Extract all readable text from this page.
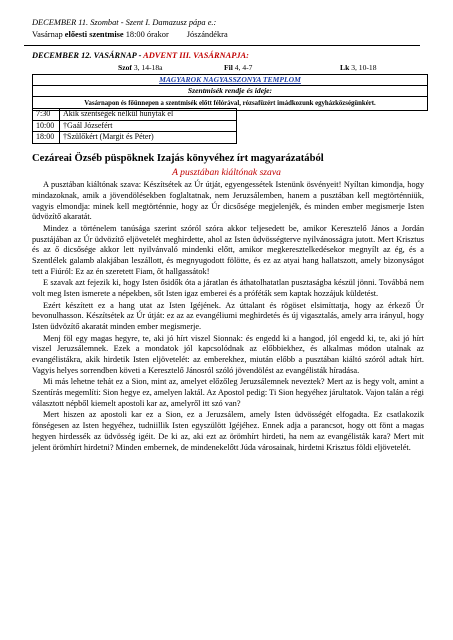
DECEMBER 11. Szombat - Szent I. Damazusz pápa e.:
Vasárnap előesti szentmise 18:00 órakor Jószándékra
DECEMBER 12. VASÁRNAP - ADVENT III. VASÁRNAPJA:
Szof 3, 14-18a	Fil 4, 4-7	Lk 3, 10-18
MAGYAROK NAGYASSZONYA TEMPLOM
Szentmisék rendje és ideje:
Vasárnapon és főünnepen a szentmisék előtt félórával, rózsafüzért imádkozunk egyházközségünkért.
7:30	Akik szentségek nélkül hunytak el
10:00	†Gaál Józsefért
18:00	†Szülőkért (Margit és Péter)
Cezáreai Özséb püspöknek Izajás könyvéhez írt magyarázatából
A pusztában kiáltónak szava

A pusztában kiáltónak szava: Készítsétek az Úr útját, egyengessétek Istenünk ösvényeit! Nyíltan kimondja, hogy mindazoknak, amik a jövendölésekben foglaltatnak, nem Jeruzsálemben, hanem a pusztában kell megtörténniük, vagyis elmondja: minek kell megtörténnie, hogy az Úr dicsősége megjelenjék, és minden ember megismerje Isten üdvözítő akaratát.

Mindez a történelem tanúsága szerint szóról szóra akkor teljesedett be, amikor Keresztelő János a Jordán pusztájában az Úr üdvözítő eljövetelét meghirdette, ahol az Isten üdvösségterve nyilvánosságra jutott. Mert Krisztus és az ő dicsősége akkor lett nyilvánvaló mindenki előtt, amikor megkeresztelkedésekor megnyílt az ég, és a Szentlélek galamb alakjában leszállott, és megnyugodott fölötte, és ez az atyai hang hallatszott, amely bizonyságot tett a Fiúról: Ez az én szeretett Fiam, őt hallgassátok!

E szavak azt fejezik ki, hogy Isten ősidők óta a járatlan és áthatolhatatlan pusztaságba készül jönni. Továbbá nem volt meg Isten ismerete a népekben, sőt Isten igaz emberei és a próféták sem kaptak hozzájuk küldetést.

Ezért készített ez a hang utat az Isten Igéjének. Az úttalant és rögöset elsimíttatja, hogy az érkező Úr bevonulhasson. Készítsétek az Úr útját: ez az az evangéliumi meghirdetés és új vigasztalás, amely arra irányul, hogy Isten üdvözítő akaratát minden ember megismerje.

Menj föl egy magas hegyre, te, aki jó hírt viszel Sionnak: és engedd ki a hangod, jól engedd ki, te, aki jó hírt viszel Jeruzsálemnek. Ezek a mondatok jól kapcsolódnak az előbbiekhez, és alkalmas módon utalnak az evangélistákra, akik hirdetik Isten eljövetelét: az emberekhez, miután előbb a pusztában kiáltó szóról adtak hírt. Vagyis helyes sorrendben követi a Keresztelő Jánosról szóló jövendölést az evangélisták híradása.

Mi más lehetne tehát ez a Sion, mint az, amelyet előzőleg Jeruzsálemnek neveztek? Mert az is hegy volt, amint a Szentírás megemlíti: Sion hegye ez, amelyen laktál. Az Apostol pedig: Ti Sion hegyéhez járultatok. Vajon talán a régi választott népből kiemelt apostoli kar az, amelyről itt szó van?

Mert hiszen az apostoli kar ez a Sion, ez a Jeruzsálem, amely Isten üdvösségét elfogadta. Ez csatlakozik fönségesen az Isten hegyéhez, tudniillik Isten egyszülött Igéjéhez. Ennek adja a parancsot, hogy ott fönt a magas hegyen hirdessék az üdvösség igéit. De ki az, aki ezt az örömhírt hirdeti, ha nem az evangélisták kara? Mert mit jelent örömhírt hirdetni? Minden embernek, de mindenekelőtt Júda városainak, hirdetni Krisztus földi eljövetelét.
